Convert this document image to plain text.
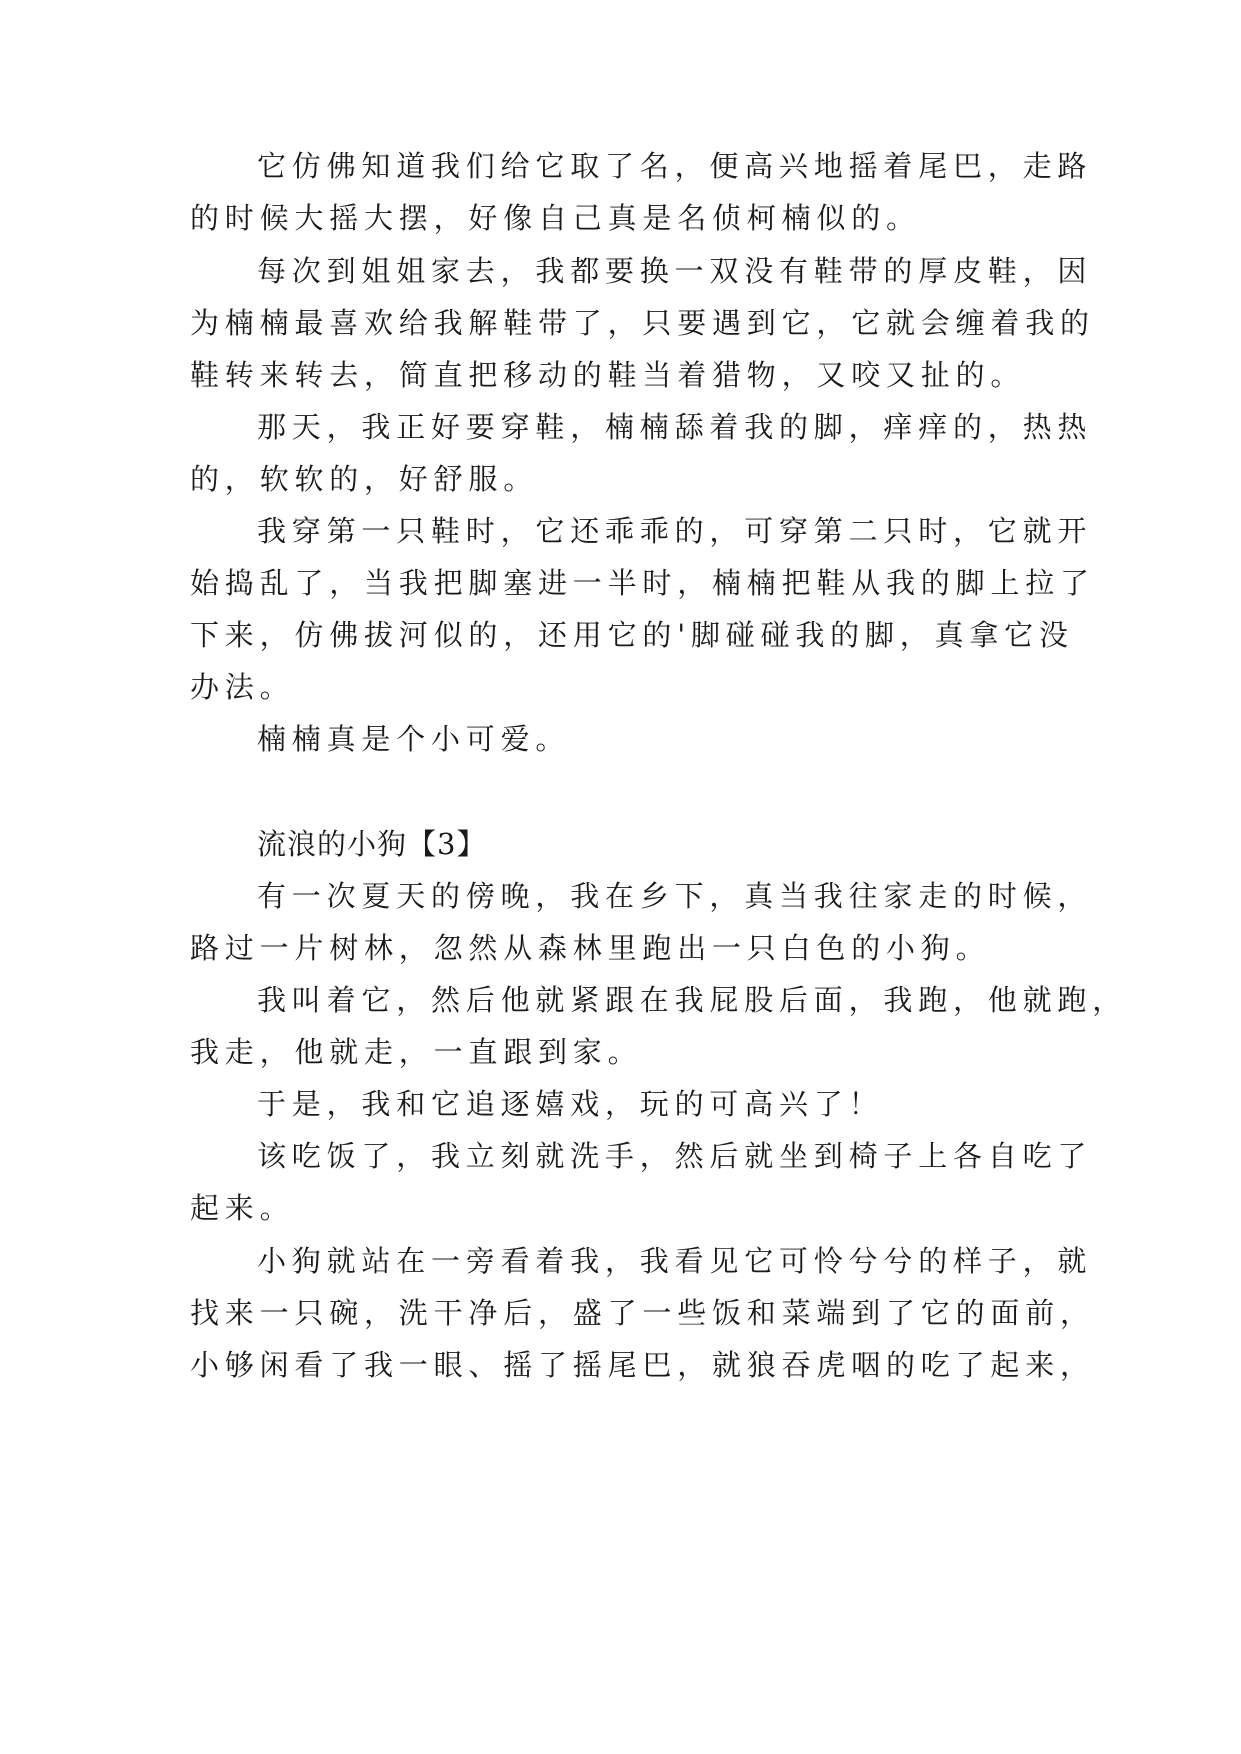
它仿佛知道我们给它取了名，便高兴地摇着尾巴，走路
的时候大摇大摆，好像自己真是名侦柯楠似的。
每次到姐姐家去，我都要换一双没有鞋带的厚皮鞋，因
为楠楠最喜欢给我解鞋带了，只要遇到它，它就会缠着我的
鞋转来转去，简直把移动的鞋当着猎物，又咬又扯的。
那天，我正好要穿鞋，楠楠舔着我的脚，痒痒的，热热
的，软软的，好舒服。
我穿第一只鞋时，它还乖乖的，可穿第二只时，它就开
始捣乱了，当我把脚塞进一半时，楠楠把鞋从我的脚上拉了
下来，仿佛拔河似的，还用它的'脚碰碰我的脚，真拿它没
办法。
楠楠真是个小可爱。
流浪的小狗【3】
有一次夏天的傍晚，我在乡下，真当我往家走的时候，
路过一片树林，忽然从森林里跑出一只白色的小狗。
我叫着它，然后他就紧跟在我屁股后面，我跑，他就跑，
我走，他就走，一直跟到家。
于是，我和它追逐嬉戏，玩的可高兴了！
该吃饭了，我立刻就洗手，然后就坐到椅子上各自吃了
起来。
小狗就站在一旁看着我，我看见它可怜兮兮的样子，就
找来一只碗，洗干净后，盛了一些饭和菜端到了它的面前，
小够闲看了我一眼、摇了摇尾巴，就狼吞虎咽的吃了起来，
